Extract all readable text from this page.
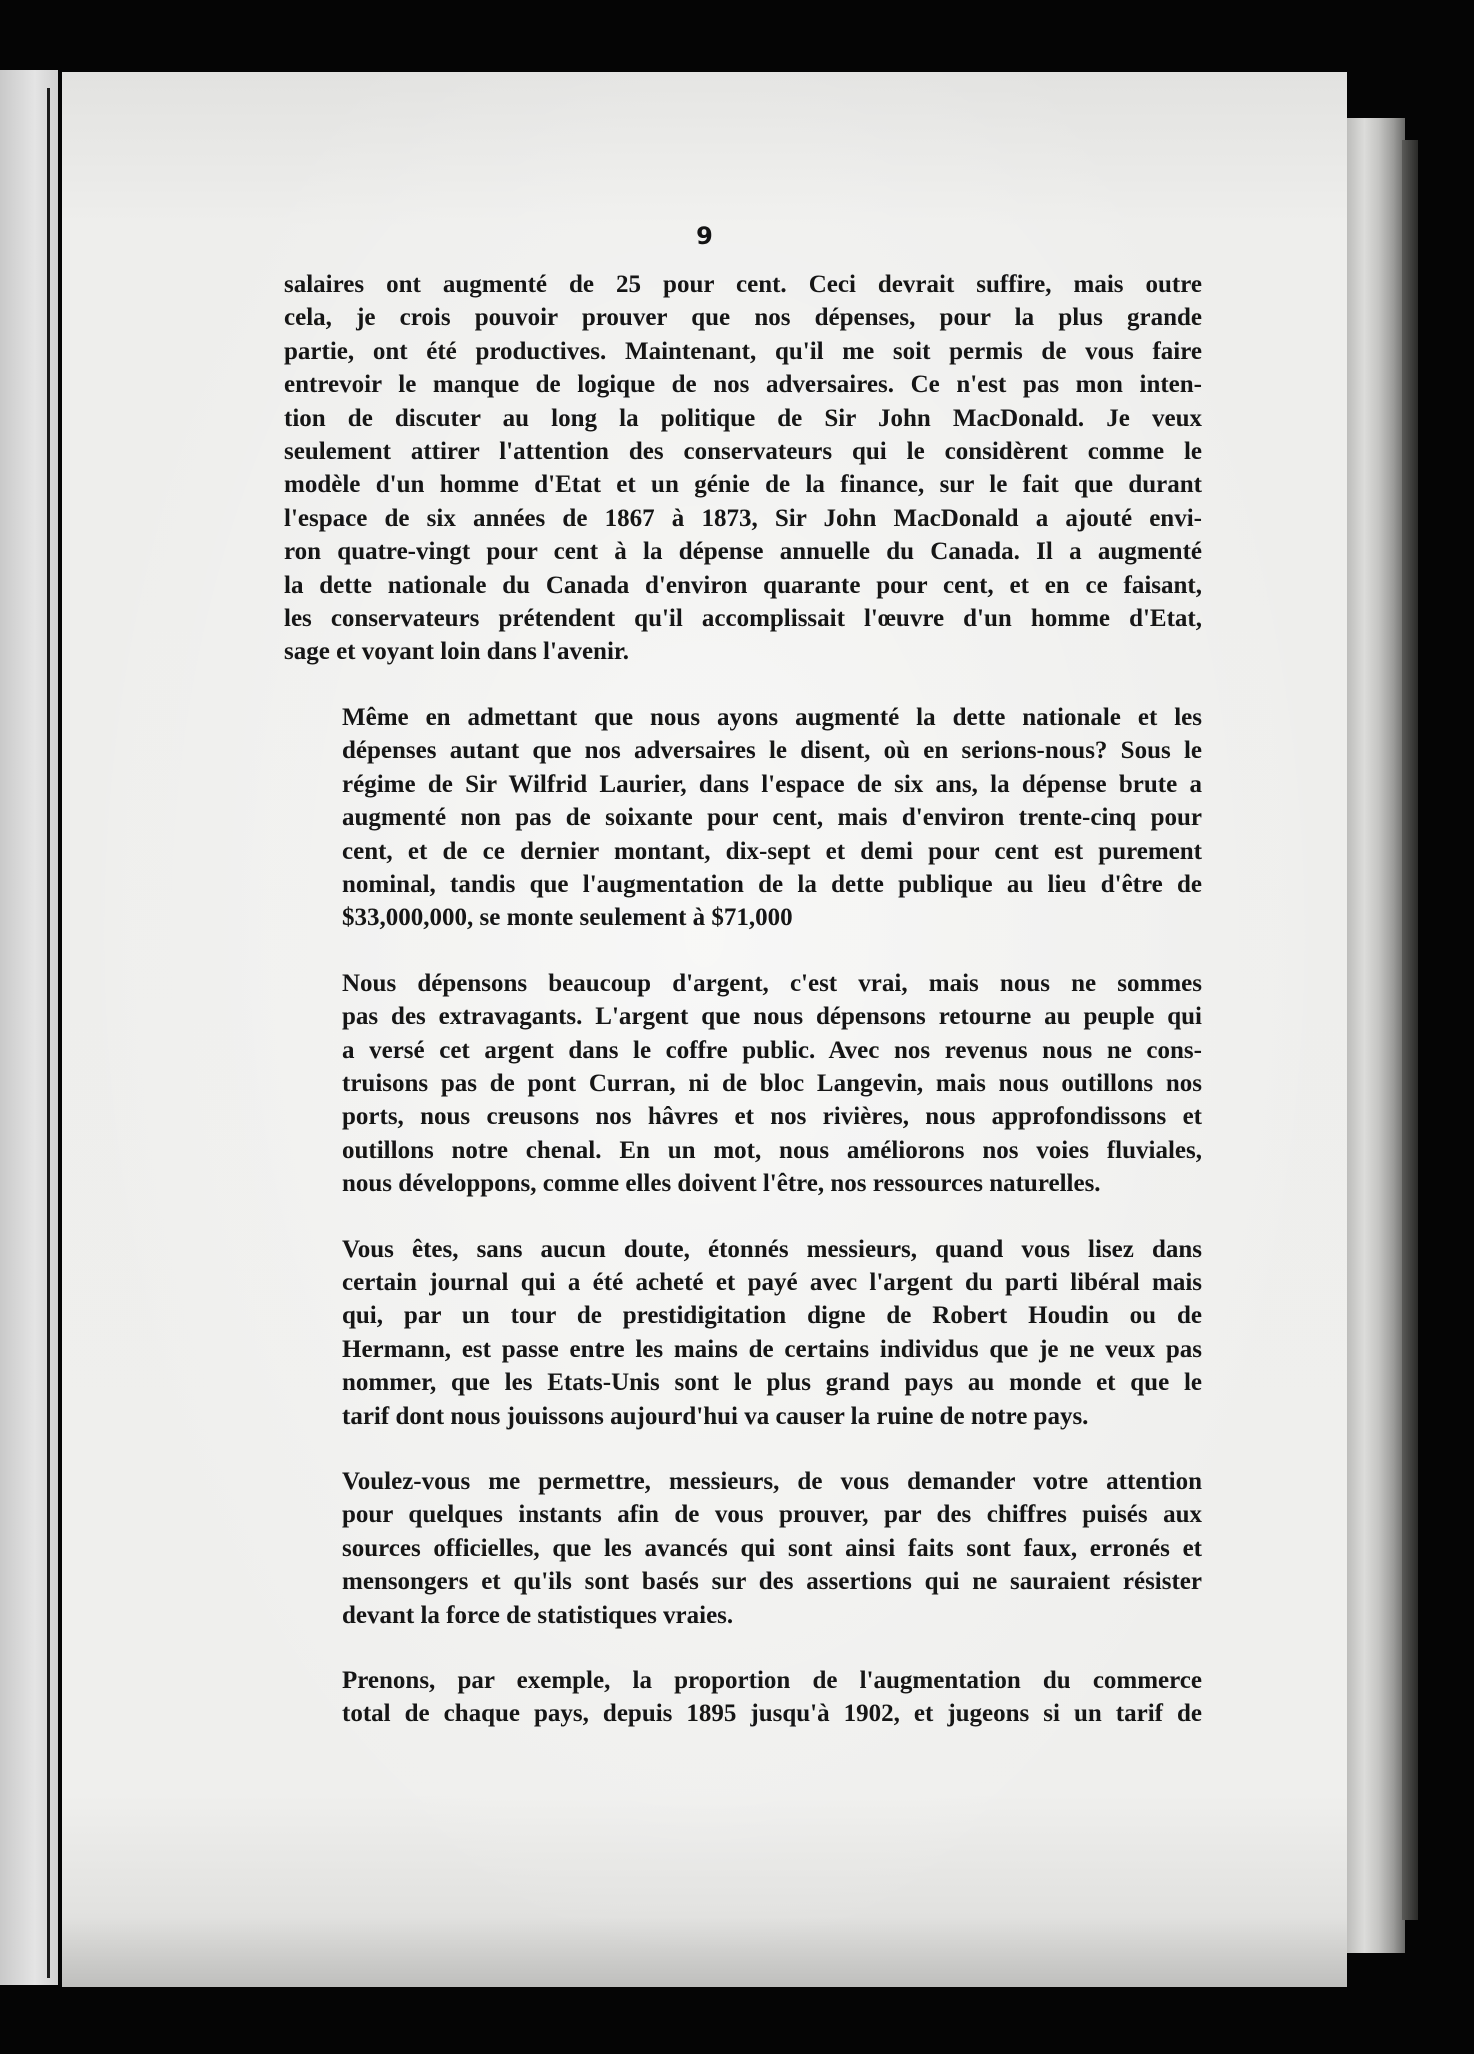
9

salaires ont augmenté de 25 pour cent. Ceci devrait suffire, mais outre
cela, je crois pouvoir prouver que nos dépenses, pour la plus grande
partie, ont été productives. Maintenant, qu'il me soit permis de vous faire
entrevoir le manque de logique de nos adversaires. Ce n'est pas mon inten-
tion de discuter au long la politique de Sir John MacDonald. Je veux
seulement attirer l'attention des conservateurs qui le considèrent comme le
modèle d'un homme d'Etat et un génie de la finance, sur le fait que durant
l'espace de six années de 1867 à 1873, Sir John MacDonald a ajouté envi-
ron quatre-vingt pour cent à la dépense annuelle du Canada. Il a augmenté
la dette nationale du Canada d'environ quarante pour cent, et en ce faisant,
les conservateurs prétendent qu'il accomplissait l'œuvre d'un homme d'Etat,
sage et voyant loin dans l'avenir.

Même en admettant que nous ayons augmenté la dette nationale et les
dépenses autant que nos adversaires le disent, où en serions-nous? Sous le
régime de Sir Wilfrid Laurier, dans l'espace de six ans, la dépense brute a
augmenté non pas de soixante pour cent, mais d'environ trente-cinq pour
cent, et de ce dernier montant, dix-sept et demi pour cent est purement
nominal, tandis que l'augmentation de la dette publique au lieu d'être de
$33,000,000, se monte seulement à $71,000

Nous dépensons beaucoup d'argent, c'est vrai, mais nous ne sommes
pas des extravagants. L'argent que nous dépensons retourne au peuple qui
a versé cet argent dans le coffre public. Avec nos revenus nous ne cons-
truisons pas de pont Curran, ni de bloc Langevin, mais nous outillons nos
ports, nous creusons nos hâvres et nos rivières, nous approfondissons et
outillons notre chenal. En un mot, nous améliorons nos voies fluviales,
nous développons, comme elles doivent l'être, nos ressources naturelles.

Vous êtes, sans aucun doute, étonnés messieurs, quand vous lisez dans
certain journal qui a été acheté et payé avec l'argent du parti libéral mais
qui, par un tour de prestidigitation digne de Robert Houdin ou de
Hermann, est passe entre les mains de certains individus que je ne veux pas
nommer, que les Etats-Unis sont le plus grand pays au monde et que le
tarif dont nous jouissons aujourd'hui va causer la ruine de notre pays.

Voulez-vous me permettre, messieurs, de vous demander votre attention
pour quelques instants afin de vous prouver, par des chiffres puisés aux
sources officielles, que les avancés qui sont ainsi faits sont faux, erronés et
mensongers et qu'ils sont basés sur des assertions qui ne sauraient résister
devant la force de statistiques vraies.

Prenons, par exemple, la proportion de l'augmentation du commerce
total de chaque pays, depuis 1895 jusqu'à 1902, et jugeons si un tarif de
